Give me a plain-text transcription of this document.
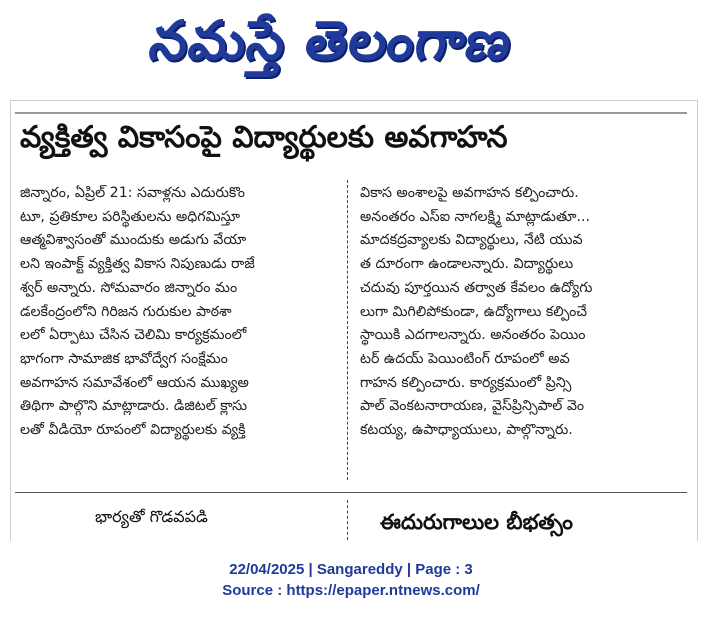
నమస్తే తెలంగాణ
వ్యక్తిత్వ వికాసంపై విద్యార్థులకు అవగాహన

జిన్నారం, ఏప్రిల్ 21: సవాళ్లను ఎదురుకొం

టూ, ప్రతికూల పరిస్థితులను అధిగమిస్తూ

ఆత్మవిశ్వాసంతో ముందుకు అడుగు వేయా

లని ఇంపాక్ట్ వ్యక్తిత్వ వికాస నిపుణుడు రాజే

శ్వర్ అన్నారు. సోమవారం జిన్నారం మం

డలకేంద్రంలోని గిరిజన గురుకుల పాఠశా

లలో ఏర్పాటు చేసిన చెలిమి కార్యక్రమంలో

భాగంగా సామాజిక భావోద్వేగ సంక్షేమం

అవగాహన సమావేశంలో ఆయన ముఖ్యఅ

తిథిగా పాల్గొని మాట్లాడారు. డిజిటల్ క్లాసు

లతో వీడియో రూపంలో విద్యార్థులకు వ్యక్తి

వికాస అంశాలపై అవగాహన కల్పించారు.

అనంతరం ఎస్ఐ నాగలక్ష్మి మాట్లాడుతూ...

మాదకద్రవ్యాలకు విద్యార్థులు, నేటి యువ

త దూరంగా ఉండాలన్నారు. విద్యార్థులు

చదువు పూర్తయిన తర్వాత కేవలం ఉద్యోగు

లుగా మిగిలిపోకుండా, ఉద్యోగాలు కల్పించే

స్థాయికి ఎదగాలన్నారు. అనంతరం పెయిం

టర్ ఉదయ్ పెయింటింగ్ రూపంలో అవ

గాహన కల్పించారు. కార్యక్రమంలో ప్రిన్సి

పాల్ వెంకటనారాయణ, వైస్‌ప్రిన్సిపాల్ వెం

కటయ్య, ఉపాధ్యాయులు, పాల్గొన్నారు.

భార్యతో గొడవపడి	ఈదురుగాలుల బీభత్సం
22/04/2025 | Sangareddy | Page : 3
Source : https://epaper.ntnews.com/
